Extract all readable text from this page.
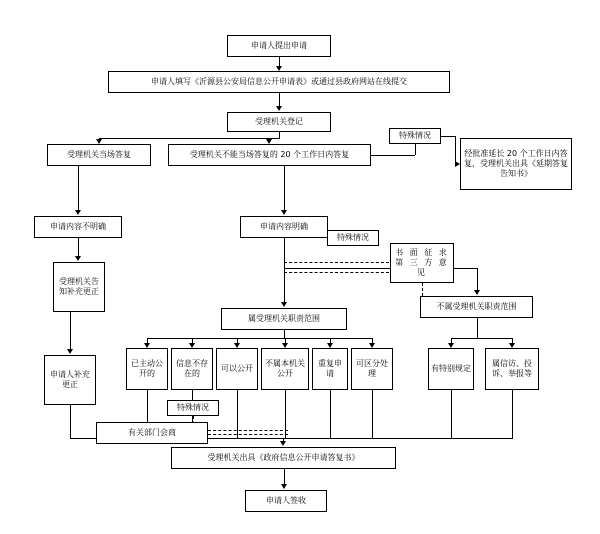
申请人提出申请
申请人填写《沂源县公安局信息公开申请表》或通过县政府网站在线提交
受理机关登记
受理机关当场答复	受理机关不能当场答复的 20 个工作日内答复	经批准延长 20 个工作日内答复，受理机关出具《延期答复告知书》
申请内容不明确	申请内容明确
书 面 征 求 第 三 方 意 见
受理机关告知补充更正
属受理机关职责范围
不属受理机关职责范围
申请人补充更正
已主动公开的
信息不存在的
可以公开
不属本机关公开
重复申请
可区分处理
有特别规定
属信访、投诉、举报等
有关部门会商
受理机关出具《政府信息公开申请答复书》
申请人签收
特殊情况
特殊情况
特殊情况
